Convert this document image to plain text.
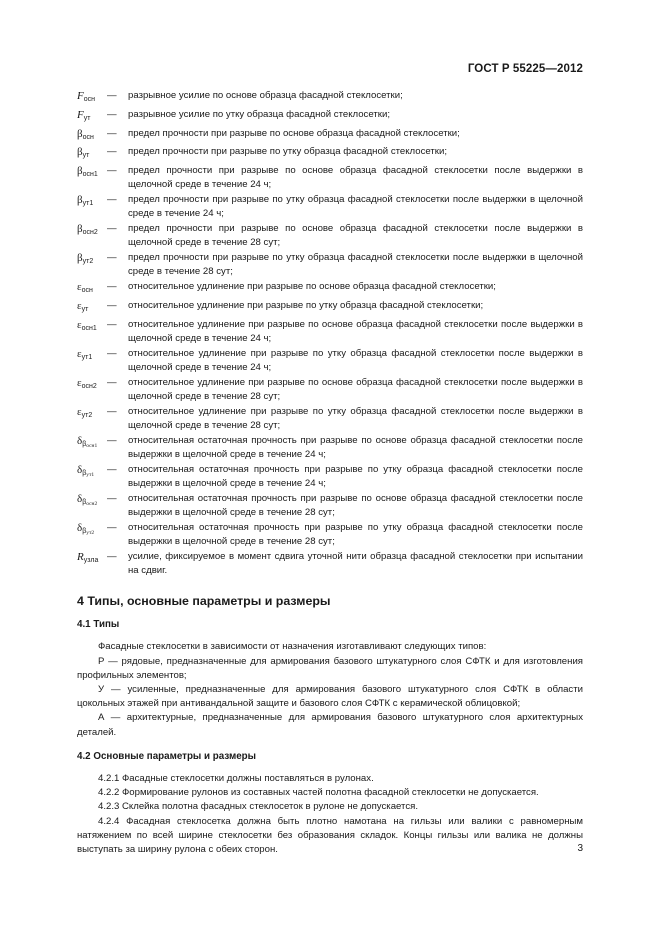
ГОСТ Р 55225—2012
$F_{осн}$	—	разрывное усилие по основе образца фасадной стеклосетки;
$F_{ут}$	—	разрывное усилие по утку образца фасадной стеклосетки;
$\beta_{осн}$	—	предел прочности при разрыве по основе образца фасадной стеклосетки;
$\beta_{ут}$	—	предел прочности при разрыве по утку образца фасадной стеклосетки;
$\beta_{осн1}$ —	предел прочности при разрыве по основе образца фасадной стеклосетки после выдержки в щелочной среде в течение 24 ч;
$\beta_{ут1}$	—	предел прочности при разрыве по утку образца фасадной стеклосетки после выдержки в щелочной среде в течение 24 ч;
$\beta_{осн2}$ —	предел прочности при разрыве по основе образца фасадной стеклосетки после выдержки в щелочной среде в течение 28 сут;
$\beta_{ут2}$	—	предел прочности при разрыве по утку образца фасадной стеклосетки после выдержки в щелочной среде в течение 28 сут;
$\varepsilon_{осн}$	—	относительное удлинение при разрыве по основе образца фасадной стеклосетки;
$\varepsilon_{ут}$	—	относительное удлинение при разрыве по утку образца фасадной стеклосетки;
$\varepsilon_{осн1}$	—	относительное удлинение при разрыве по основе образца фасадной стеклосетки после выдержки в щелочной среде в течение 24 ч;
$\varepsilon_{ут1}$	—	относительное удлинение при разрыве по утку образца фасадной стеклосетки после выдержки в щелочной среде в течение 24 ч;
$\varepsilon_{осн2}$	—	относительное удлинение при разрыве по основе образца фасадной стеклосетки после выдержки в щелочной среде в течение 28 сут;
$\varepsilon_{ут2}$	—	относительное удлинение при разрыве по утку образца фасадной стеклосетки после выдержки в щелочной среде в течение 28 сут;
$\delta_{\beta_{осн1}}$	—	относительная остаточная прочность при разрыве по основе образца фасадной стеклосетки после выдержки в щелочной среде в течение 24 ч;
$\delta_{\beta_{ут1}}$	—	относительная остаточная прочность при разрыве по утку образца фасадной стеклосетки после выдержки в щелочной среде в течение 24 ч;
$\delta_{\beta_{осн2}}$	—	относительная остаточная прочность при разрыве по основе образца фасадной стеклосетки после выдержки в щелочной среде в течение 28 сут;
$\delta_{\beta_{ут2}}$	—	относительная остаточная прочность при разрыве по утку образца фасадной стеклосетки после выдержки в щелочной среде в течение 28 сут;
$R_{узла}$ —	усилие, фиксируемое в момент сдвига уточной нити образца фасадной стеклосетки при испытании на сдвиг.
4 Типы, основные параметры и размеры
4.1 Типы
Фасадные стеклосетки в зависимости от назначения изготавливают следующих типов:
Р — рядовые, предназначенные для армирования базового штукатурного слоя СФТК и для изготовления профильных элементов;
У — усиленные, предназначенные для армирования базового штукатурного слоя СФТК в области цокольных этажей при антивандальной защите и базового слоя СФТК с керамической облицовкой;
А — архитектурные, предназначенные для армирования базового штукатурного слоя архитектурных деталей.
4.2 Основные параметры и размеры
4.2.1 Фасадные стеклосетки должны поставляться в рулонах.
4.2.2 Формирование рулонов из составных частей полотна фасадной стеклосетки не допускается.
4.2.3 Склейка полотна фасадных стеклосеток в рулоне не допускается.
4.2.4 Фасадная стеклосетка должна быть плотно намотана на гильзы или валики с равномерным натяжением по всей ширине стеклосетки без образования складок. Концы гильзы или валика не должны выступать за ширину рулона с обеих сторон.	3
